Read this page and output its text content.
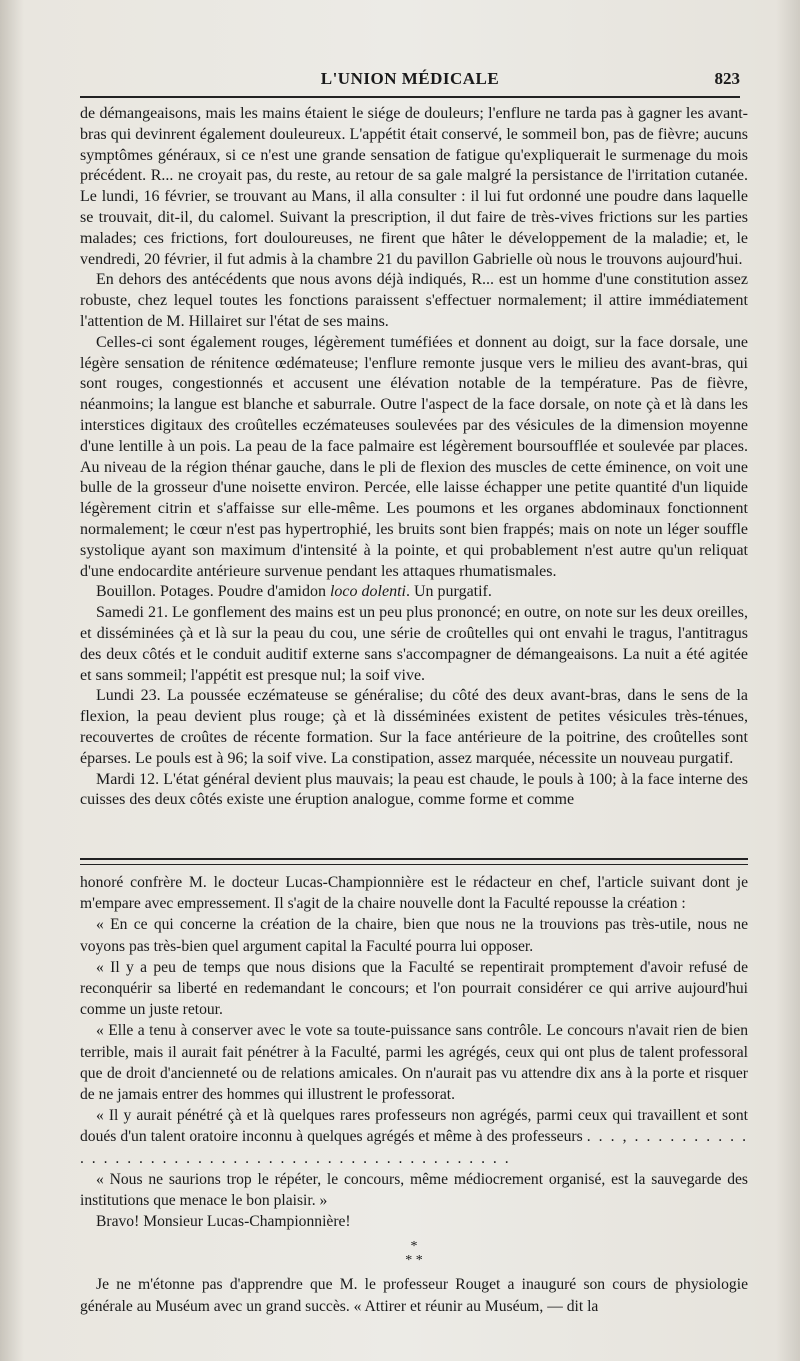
L'UNION MÉDICALE	823

de démangeaisons, mais les mains étaient le siége de douleurs; l'enflure ne tarda pas à gagner les avant-bras qui devinrent également douleureux. L'appétit était conservé, le sommeil bon, pas de fièvre; aucuns symptômes généraux, si ce n'est une grande sensation de fatigue qu'expliquerait le surmenage du mois précédent. R... ne croyait pas, du reste, au retour de sa gale malgré la persistance de l'irritation cutanée. Le lundi, 16 février, se trouvant au Mans, il alla consulter : il lui fut ordonné une poudre dans laquelle se trouvait, dit-il, du calomel. Suivant la prescription, il dut faire de très-vives frictions sur les parties malades; ces frictions, fort douloureuses, ne firent que hâter le développement de la maladie; et, le vendredi, 20 février, il fut admis à la chambre 21 du pavillon Gabrielle où nous le trouvons aujourd'hui.

En dehors des antécédents que nous avons déjà indiqués, R... est un homme d'une constitution assez robuste, chez lequel toutes les fonctions paraissent s'effectuer normalement; il attire immédiatement l'attention de M. Hillairet sur l'état de ses mains.

Celles-ci sont également rouges, légèrement tuméfiées et donnent au doigt, sur la face dorsale, une légère sensation de rénitence œdémateuse; l'enflure remonte jusque vers le milieu des avant-bras, qui sont rouges, congestionnés et accusent une élévation notable de la température. Pas de fièvre, néanmoins; la langue est blanche et saburrale. Outre l'aspect de la face dorsale, on note çà et là dans les interstices digitaux des croûtelles eczémateuses soulevées par des vésicules de la dimension moyenne d'une lentille à un pois. La peau de la face palmaire est légèrement boursoufflée et soulevée par places. Au niveau de la région thénar gauche, dans le pli de flexion des muscles de cette éminence, on voit une bulle de la grosseur d'une noisette environ. Percée, elle laisse échapper une petite quantité d'un liquide légèrement citrin et s'affaisse sur elle-même. Les poumons et les organes abdominaux fonctionnent normalement; le cœur n'est pas hypertrophié, les bruits sont bien frappés; mais on note un léger souffle systolique ayant son maximum d'intensité à la pointe, et qui probablement n'est autre qu'un reliquat d'une endocardite antérieure survenue pendant les attaques rhumatismales.

Bouillon. Potages. Poudre d'amidon loco dolenti. Un purgatif.

Samedi 21. Le gonflement des mains est un peu plus prononcé; en outre, on note sur les deux oreilles, et disséminées çà et là sur la peau du cou, une série de croûtelles qui ont envahi le tragus, l'antitragus des deux côtés et le conduit auditif externe sans s'accompagner de démangeaisons. La nuit a été agitée et sans sommeil; l'appétit est presque nul; la soif vive.

Lundi 23. La poussée eczémateuse se généralise; du côté des deux avant-bras, dans le sens de la flexion, la peau devient plus rouge; çà et là disséminées existent de petites vésicules très-ténues, recouvertes de croûtes de récente formation. Sur la face antérieure de la poitrine, des croûtelles sont éparses. Le pouls est à 96; la soif vive. La constipation, assez marquée, nécessite un nouveau purgatif.

Mardi 12. L'état général devient plus mauvais; la peau est chaude, le pouls à 100; à la face interne des cuisses des deux côtés existe une éruption analogue, comme forme et comme

honoré confrère M. le docteur Lucas-Championnière est le rédacteur en chef, l'article suivant dont je m'empare avec empressement. Il s'agit de la chaire nouvelle dont la Faculté repousse la création :

« En ce qui concerne la création de la chaire, bien que nous ne la trouvions pas très-utile, nous ne voyons pas très-bien quel argument capital la Faculté pourra lui opposer.

« Il y a peu de temps que nous disions que la Faculté se repentirait promptement d'avoir refusé de reconquérir sa liberté en redemandant le concours; et l'on pourrait considérer ce qui arrive aujourd'hui comme un juste retour.

« Elle a tenu à conserver avec le vote sa toute-puissance sans contrôle. Le concours n'avait rien de bien terrible, mais il aurait fait pénétrer à la Faculté, parmi les agrégés, ceux qui ont plus de talent professoral que de droit d'ancienneté ou de relations amicales. On n'aurait pas vu attendre dix ans à la porte et risquer de ne jamais entrer des hommes qui illustrent le professorat.

« Il y aurait pénétré çà et là quelques rares professeurs non agrégés, parmi ceux qui travaillent et sont doués d'un talent oratoire inconnu à quelques agrégés et même à des professeurs . . . , . . . . . . . . . . . . . . . . . . . . . . . . . . . . . . . . . . . . . . . . . . . . . . .

« Nous ne saurions trop le répéter, le concours, même médiocrement organisé, est la sauvegarde des institutions que menace le bon plaisir. »

Bravo! Monsieur Lucas-Championnière!

*
* *

Je ne m'étonne pas d'apprendre que M. le professeur Rouget a inauguré son cours de physiologie générale au Muséum avec un grand succès. « Attirer et réunir au Muséum, — dit la
